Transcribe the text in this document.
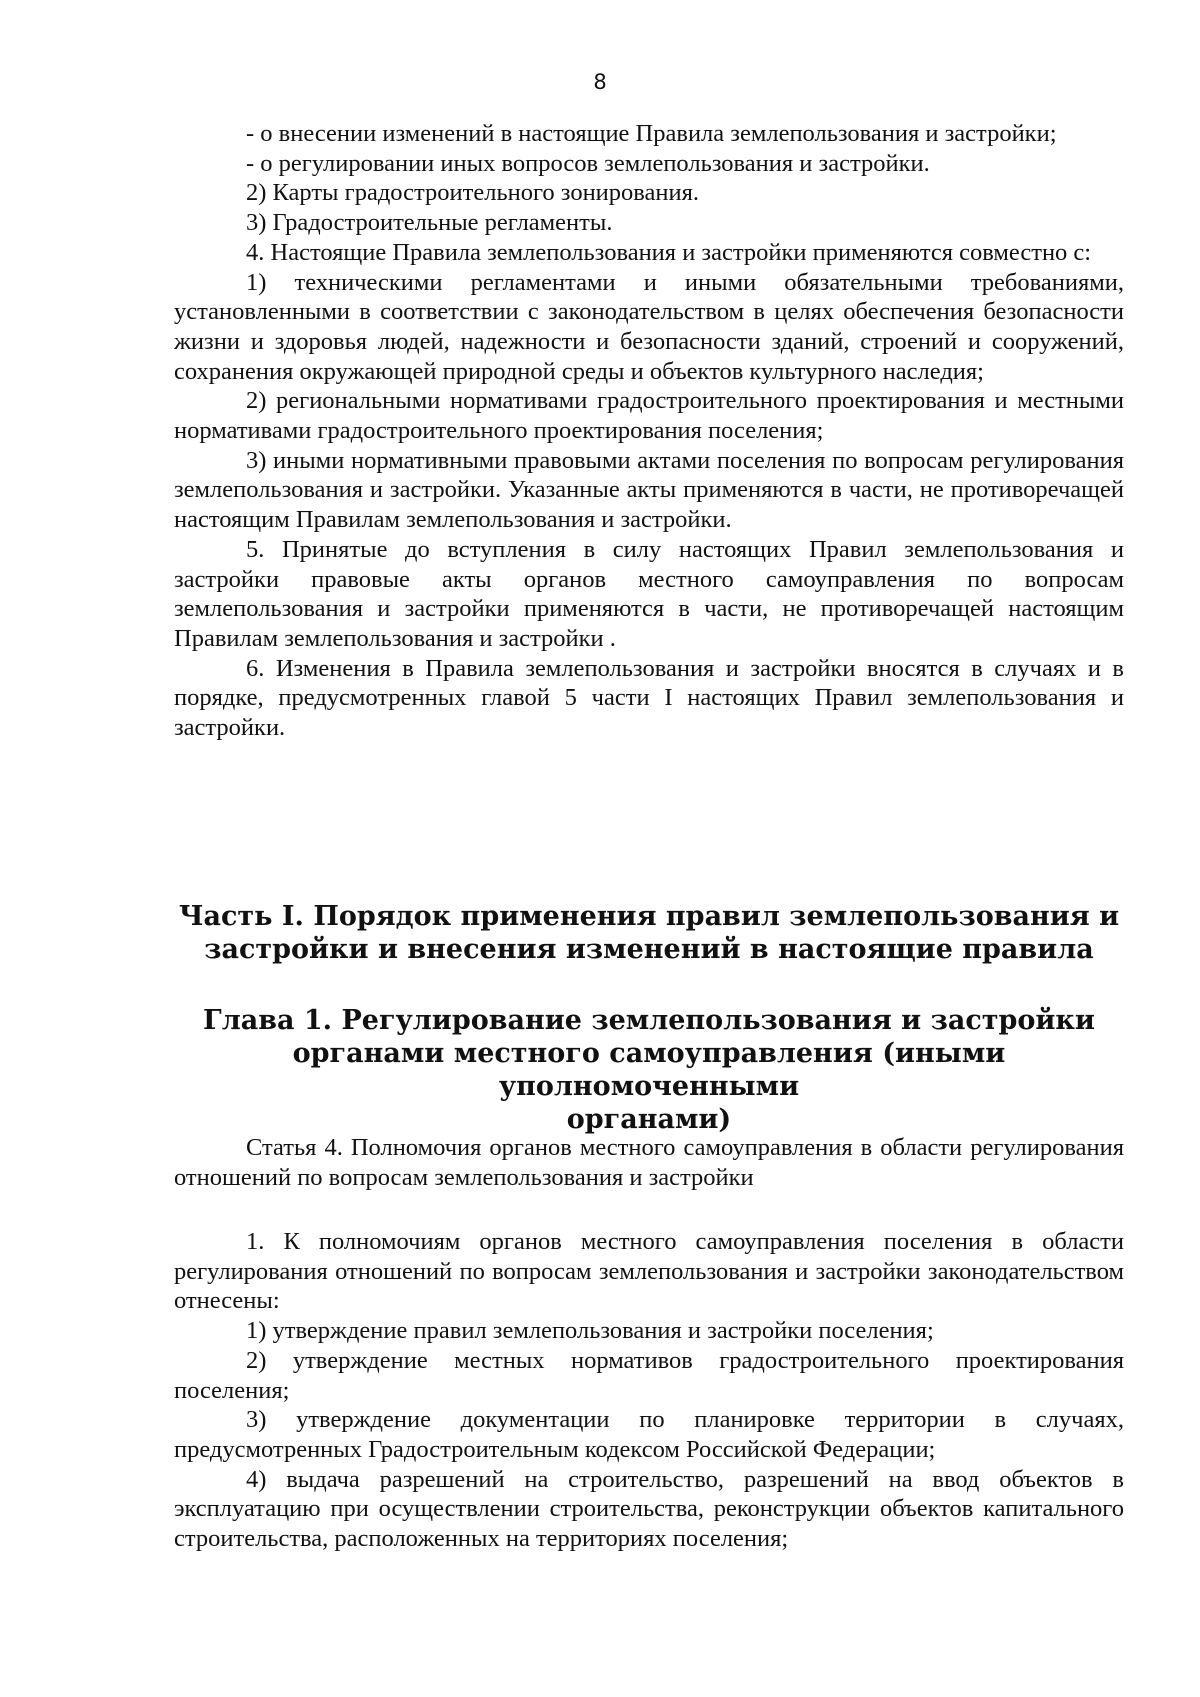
8

- о внесении изменений в настоящие Правила землепользования и застройки;

- о регулировании иных вопросов землепользования и застройки.

2) Карты градостроительного зонирования.

3) Градостроительные регламенты.

4. Настоящие Правила землепользования и застройки применяются совместно с:

1) техническими регламентами и иными обязательными требованиями, установленными в соответствии с законодательством в целях обеспечения безопасности жизни и здоровья людей, надежности и безопасности зданий, строений и сооружений, сохранения окружающей природной среды и объектов культурного наследия;

2) региональными нормативами градостроительного проектирования и местными нормативами градостроительного проектирования поселения;

3) иными нормативными правовыми актами поселения по вопросам регулирования землепользования и застройки. Указанные акты применяются в части, не противоречащей настоящим Правилам землепользования и застройки.

5. Принятые до вступления в силу настоящих Правил землепользования и застройки правовые акты органов местного самоуправления по вопросам землепользования и застройки применяются в части, не противоречащей настоящим Правилам землепользования и застройки .

6. Изменения в Правила землепользования и застройки вносятся в случаях и в порядке, предусмотренных главой 5 части I настоящих Правил землепользования и застройки.

Часть I. Порядок применения правил землепользования и
застройки и внесения изменений в настоящие правила
Глава 1. Регулирование землепользования и застройки
органами местного самоуправления (иными уполномоченными
органами)

Статья 4. Полномочия органов местного самоуправления в области регулирования отношений по вопросам землепользования и застройки

1. К полномочиям органов местного самоуправления поселения в области регулирования отношений по вопросам землепользования и застройки законодательством отнесены:

1) утверждение правил землепользования и застройки поселения;

2) утверждение местных нормативов градостроительного проектирования поселения;

3) утверждение документации по планировке территории в случаях, предусмотренных Градостроительным кодексом Российской Федерации;

4) выдача разрешений на строительство, разрешений на ввод объектов в эксплуатацию при осуществлении строительства, реконструкции объектов капитального строительства, расположенных на территориях поселения;
